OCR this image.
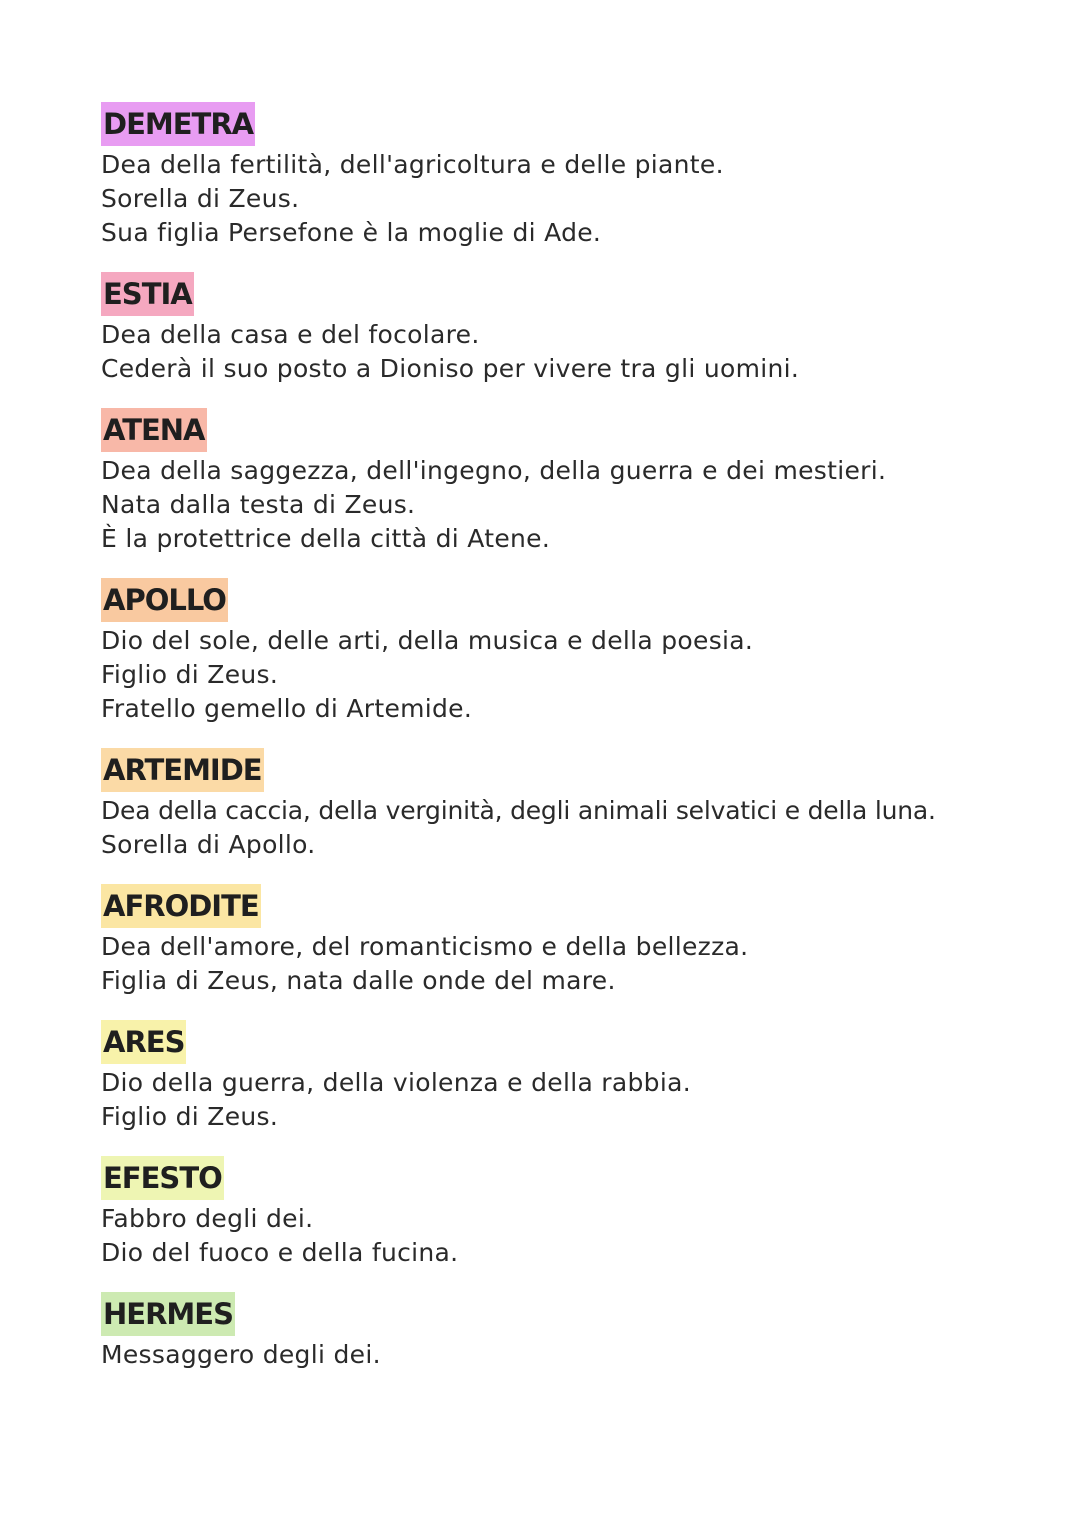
DEMETRA
Dea della fertilità, dell'agricoltura e delle piante.
Sorella di Zeus.
Sua figlia Persefone è la moglie di Ade.
ESTIA
Dea della casa e del focolare.
Cederà il suo posto a Dioniso per vivere tra gli uomini.
ATENA
Dea della saggezza, dell'ingegno, della guerra e dei mestieri.
Nata dalla testa di Zeus.
È la protettrice della città di Atene.
APOLLO
Dio del sole, delle arti, della musica e della poesia.
Figlio di Zeus.
Fratello gemello di Artemide.
ARTEMIDE
Dea della caccia, della verginità, degli animali selvatici e della luna.
Sorella di Apollo.
AFRODITE
Dea dell'amore, del romanticismo e della bellezza.
Figlia di Zeus, nata dalle onde del mare.
ARES
Dio della guerra, della violenza e della rabbia.
Figlio di Zeus.
EFESTO
Fabbro degli dei.
Dio del fuoco e della fucina.
HERMES
Messaggero degli dei.
